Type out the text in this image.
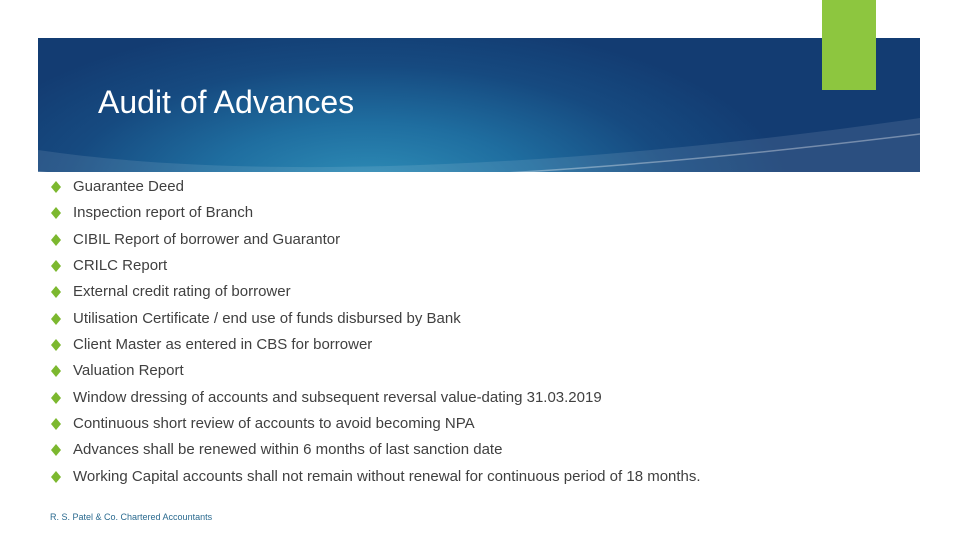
Audit of Advances
Guarantee Deed
Inspection report of Branch
CIBIL Report of borrower and Guarantor
CRILC Report
External credit rating of borrower
Utilisation Certificate / end use of funds disbursed by Bank
Client Master as entered in CBS for borrower
Valuation Report
Window dressing of accounts and subsequent reversal value-dating 31.03.2019
Continuous short review of accounts to avoid becoming NPA
Advances shall be renewed within 6 months of last sanction date
Working Capital accounts shall not remain without renewal for continuous period of 18 months.
R. S. Patel & Co. Chartered Accountants
